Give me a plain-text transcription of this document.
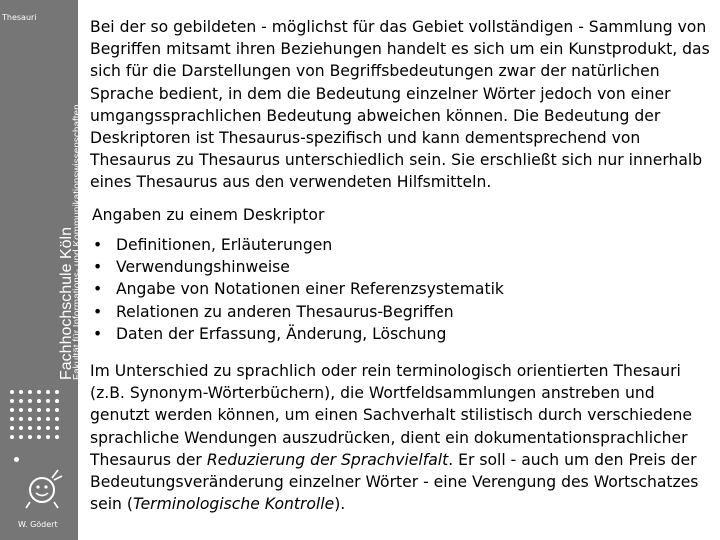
Thesauri
Fachhochschule Köln
Fakultät für Informations- und Kommunikationswissenschaften
W. Gödert

Bei der so gebildeten - möglichst für das Gebiet vollständigen - Sammlung von Begriffen mitsamt ihren Beziehungen handelt es sich um ein Kunstprodukt, das sich für die Darstellungen von Begriffsbedeutungen zwar der natürlichen Sprache bedient, in dem die Bedeutung einzelner Wörter jedoch von einer umgangssprachlichen Bedeutung abweichen können. Die Bedeutung der Deskriptoren ist Thesaurus-spezifisch und kann dementsprechend von Thesaurus zu Thesaurus unterschiedlich sein. Sie erschließt sich nur innerhalb eines Thesaurus aus den verwendeten Hilfsmitteln.

Angaben zu einem Deskriptor
• Definitionen, Erläuterungen
• Verwendungshinweise
• Angabe von Notationen einer Referenzsystematik
• Relationen zu anderen Thesaurus-Begriffen
• Daten der Erfassung, Änderung, Löschung

Im Unterschied zu sprachlich oder rein terminologisch orientierten Thesauri (z.B. Synonym-Wörterbüchern), die Wortfeldsammlungen anstreben und genutzt werden können, um einen Sachverhalt stilistisch durch verschiedene sprachliche Wendungen auszudrücken, dient ein dokumentationsprachlicher Thesaurus der Reduzierung der Sprachvielfalt. Er soll - auch um den Preis der Bedeutungsveränderung einzelner Wörter - eine Verengung des Wortschatzes sein (Terminologische Kontrolle).
